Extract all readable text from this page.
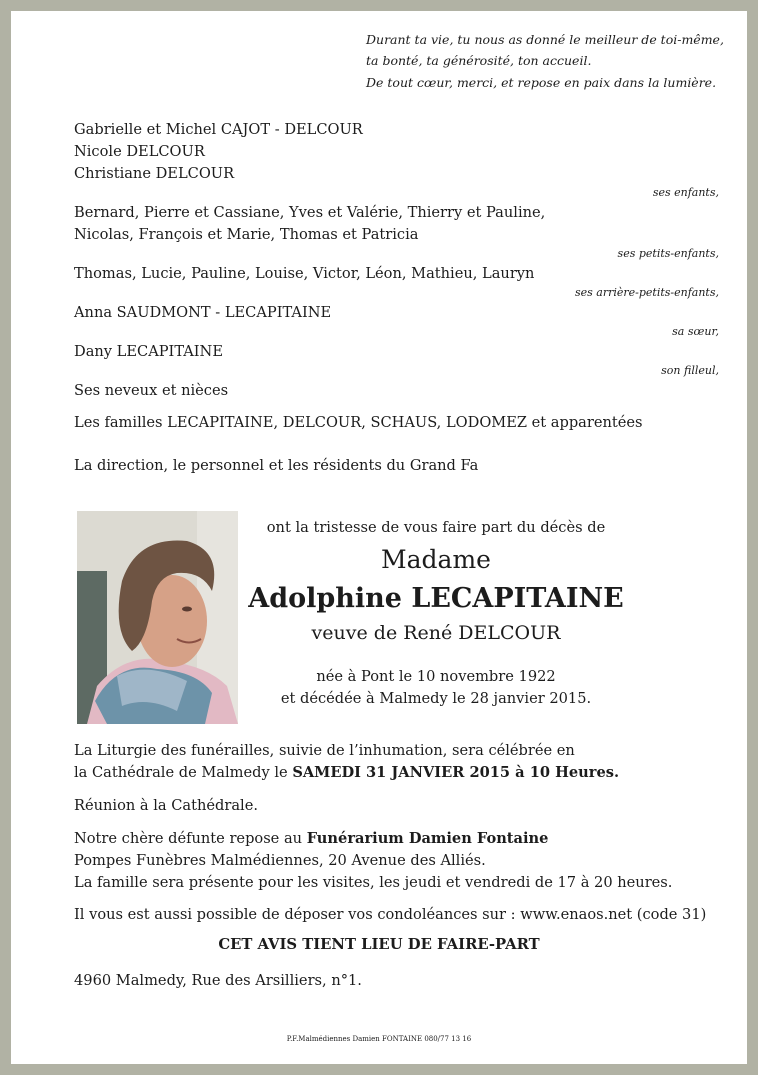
Durant ta vie, tu nous as donné le meilleur de toi-même,
ta bonté, ta générosité, ton accueil.
De tout cœur, merci, et repose en paix dans la lumière.
Gabrielle et Michel CAJOT - DELCOUR
Nicole DELCOUR
Christiane DELCOUR
ses enfants,
Bernard, Pierre et Cassiane, Yves et Valérie, Thierry et Pauline,
Nicolas, François et Marie, Thomas et Patricia
ses petits-enfants,
Thomas, Lucie, Pauline, Louise, Victor, Léon, Mathieu, Lauryn
ses arrière-petits-enfants,
Anna SAUDMONT - LECAPITAINE
sa sœur,
Dany LECAPITAINE
son filleul,
Ses neveux et nièces
Les familles LECAPITAINE, DELCOUR, SCHAUS, LODOMEZ et apparentées
La direction, le personnel et les résidents du Grand Fa
ont la tristesse de vous faire part du décès de
Madame
Adolphine LECAPITAINE
veuve de René DELCOUR
née à Pont le 10 novembre 1922
et décédée à Malmedy le 28 janvier 2015.
La Liturgie des funérailles, suivie de l’inhumation, sera célébrée en
la Cathédrale de Malmedy le SAMEDI 31 JANVIER 2015 à 10 Heures.
Réunion à la Cathédrale.
Notre chère défunte repose au Funérarium Damien Fontaine
Pompes Funèbres Malmédiennes, 20 Avenue des Alliés.
La famille sera présente pour les visites, les jeudi et vendredi de 17 à 20 heures.
Il vous est aussi possible de déposer vos condoléances sur : www.enaos.net (code 31)
CET AVIS TIENT LIEU DE FAIRE-PART
4960 Malmedy, Rue des Arsilliers, n°1.
P.F.Malmédiennes Damien FONTAINE 080/77 13 16
